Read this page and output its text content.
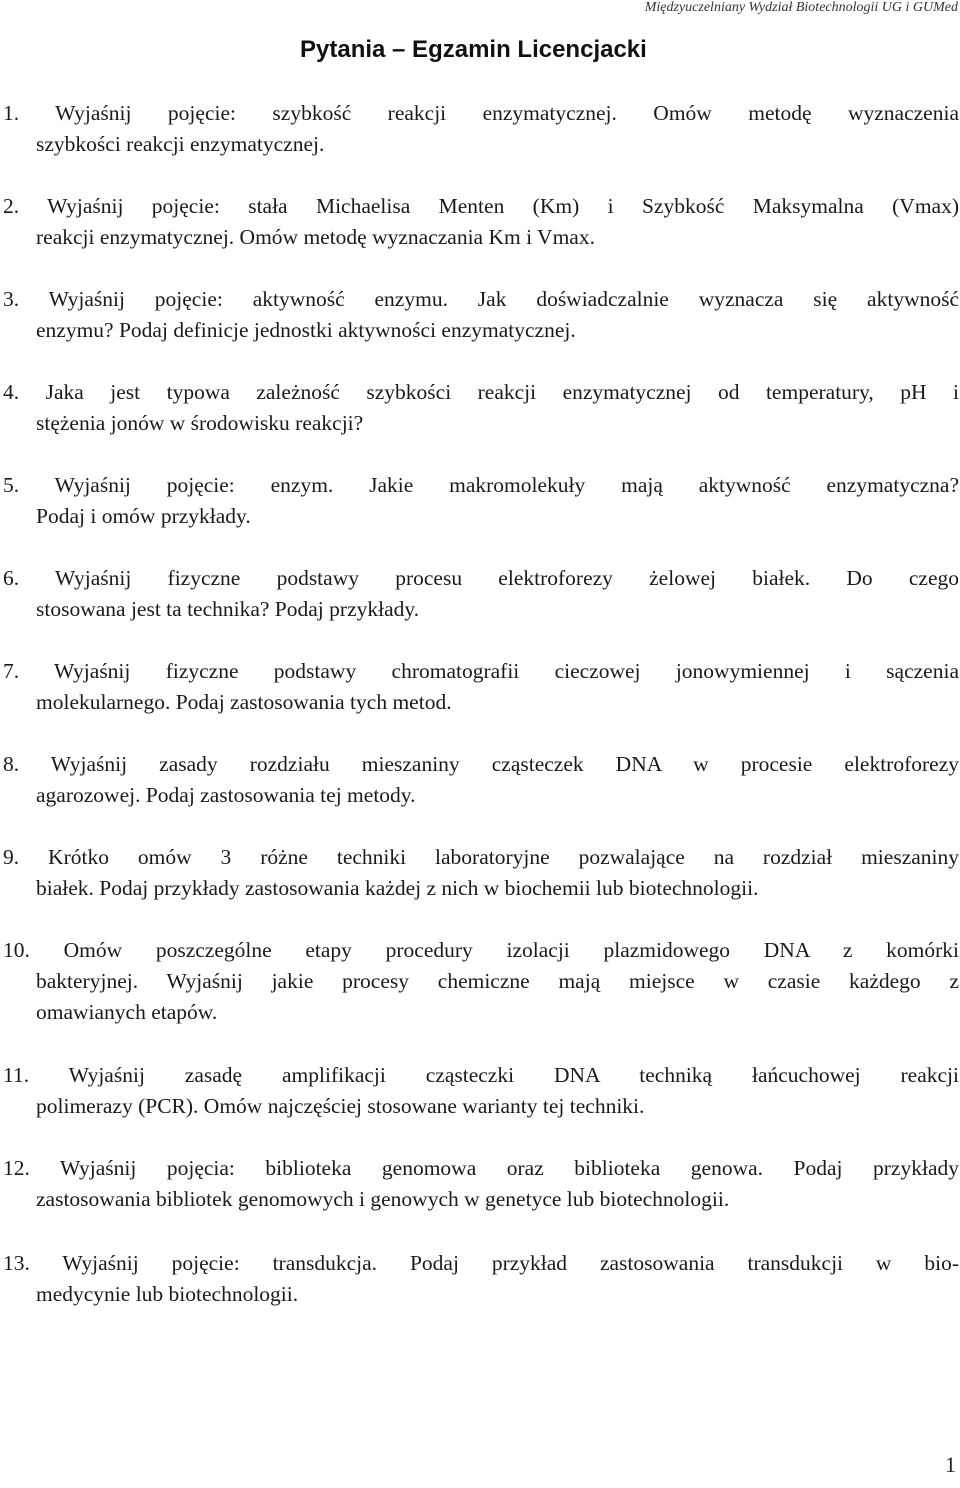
Międzyuczelniany Wydział Biotechnologii UG i GUMed
Pytania – Egzamin Licencjacki
1. Wyjaśnij pojęcie: szybkość reakcji enzymatycznej. Omów metodę wyznaczenia
szybkości reakcji enzymatycznej.
2. Wyjaśnij pojęcie: stała Michaelisa Menten (Km) i Szybkość Maksymalna (Vmax)
reakcji enzymatycznej. Omów metodę wyznaczania Km i Vmax.
3. Wyjaśnij pojęcie: aktywność enzymu. Jak doświadczalnie wyznacza się aktywność
enzymu? Podaj definicje jednostki aktywności enzymatycznej.
4. Jaka jest typowa zależność szybkości reakcji enzymatycznej od temperatury, pH i
stężenia jonów w środowisku reakcji?
5. Wyjaśnij pojęcie: enzym. Jakie makromolekuły mają aktywność enzymatyczna?
Podaj i omów przykłady.
6. Wyjaśnij fizyczne podstawy procesu elektroforezy żelowej białek. Do czego
stosowana jest ta technika? Podaj przykłady.
7. Wyjaśnij fizyczne podstawy chromatografii cieczowej jonowymiennej i sączenia
molekularnego. Podaj zastosowania tych metod.
8. Wyjaśnij zasady rozdziału mieszaniny cząsteczek DNA w procesie elektroforezy
agarozowej. Podaj zastosowania tej metody.
9. Krótko omów 3 różne techniki laboratoryjne pozwalające na rozdział mieszaniny
białek. Podaj przykłady zastosowania każdej z nich w biochemii lub biotechnologii.
10. Omów poszczególne etapy procedury izolacji plazmidowego DNA z komórki
bakteryjnej. Wyjaśnij jakie procesy chemiczne mają miejsce w czasie każdego z
omawianych etapów.
11. Wyjaśnij zasadę amplifikacji cząsteczki DNA techniką łańcuchowej reakcji
polimerazy (PCR). Omów najczęściej stosowane warianty tej techniki.
12. Wyjaśnij pojęcia: biblioteka genomowa oraz biblioteka genowa. Podaj przykłady
zastosowania bibliotek genomowych i genowych w genetyce lub biotechnologii.
13. Wyjaśnij pojęcie: transdukcja. Podaj przykład zastosowania transdukcji w bio-
medycynie lub biotechnologii.
1
